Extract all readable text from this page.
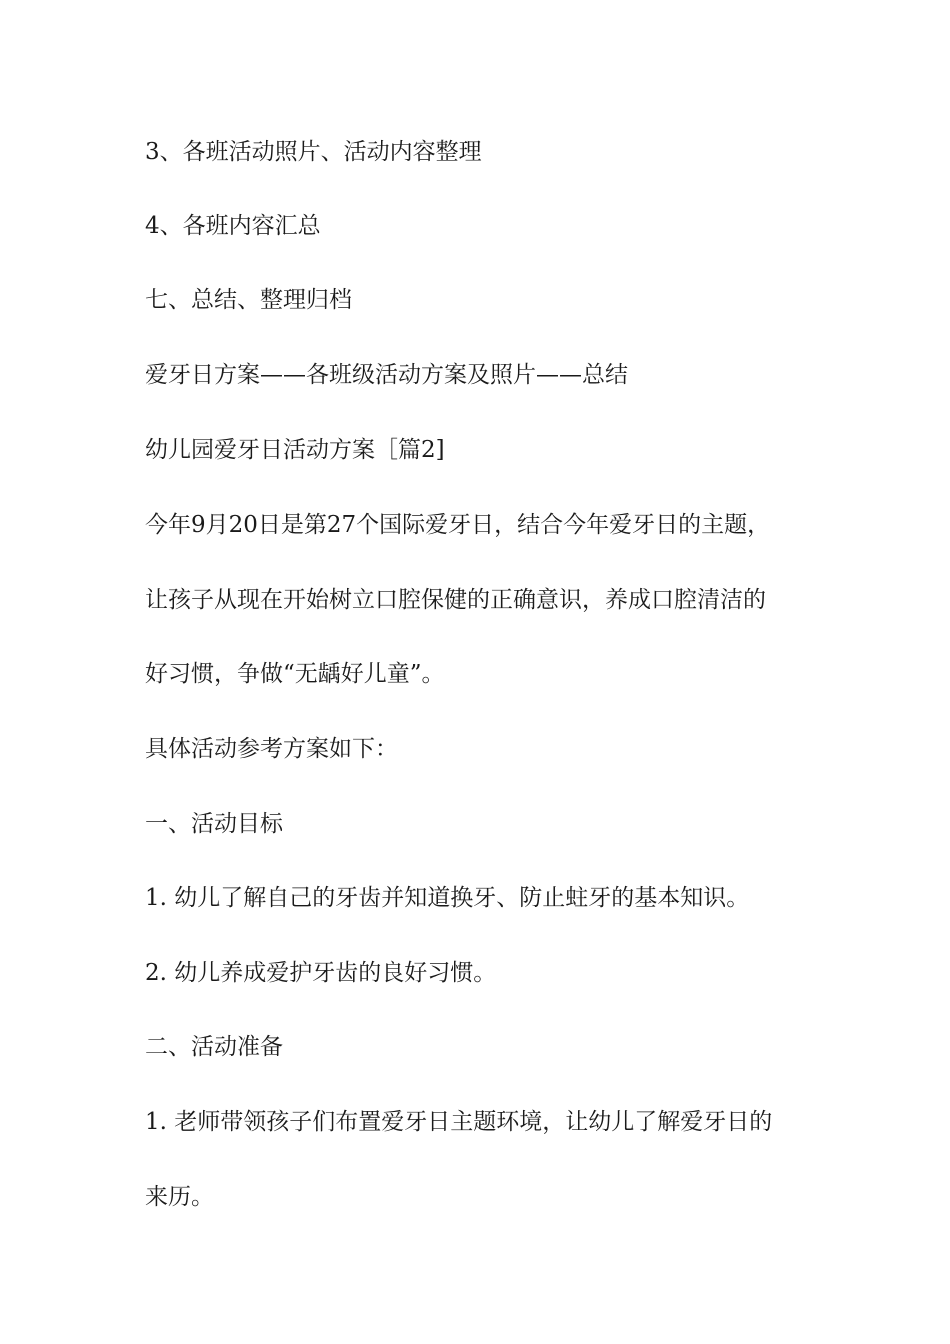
3、各班活动照片、活动内容整理

4、各班内容汇总

七、总结、整理归档

爱牙日方案——各班级活动方案及照片——总结

幼儿园爱牙日活动方案［篇2]

今年9月20日是第27个国际爱牙日，结合今年爱牙日的主题，

让孩子从现在开始树立口腔保健的正确意识，养成口腔清洁的

好习惯，争做“无龋好儿童”。

具体活动参考方案如下：

一、活动目标

1. 幼儿了解自己的牙齿并知道换牙、防止蛀牙的基本知识。

2. 幼儿养成爱护牙齿的良好习惯。

二、活动准备

1. 老师带领孩子们布置爱牙日主题环境，让幼儿了解爱牙日的

来历。
